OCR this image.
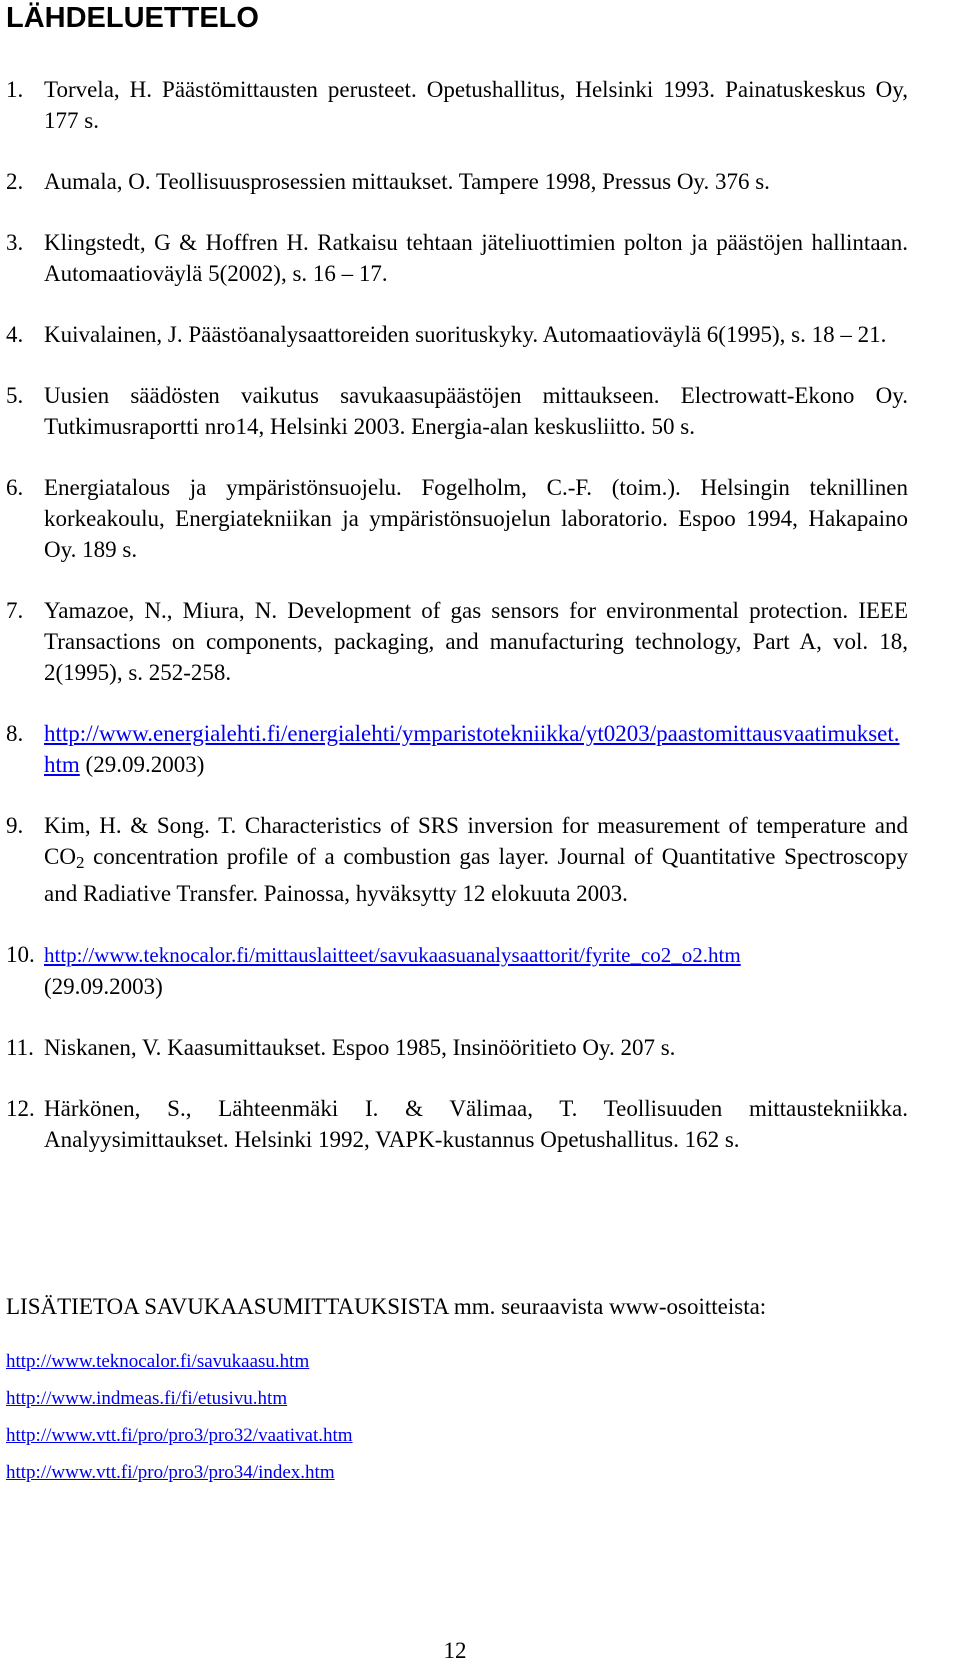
LÄHDELUETTELO
1. Torvela, H. Päästömittausten perusteet. Opetushallitus, Helsinki 1993. Painatuskeskus Oy, 177 s.
2. Aumala, O. Teollisuusprosessien mittaukset. Tampere 1998, Pressus Oy. 376 s.
3. Klingstedt, G & Hoffren H. Ratkaisu tehtaan jäteliuottimien polton ja päästöjen hallintaan. Automaatioväylä 5(2002), s. 16 – 17.
4. Kuivalainen, J. Päästöanalysaattoreiden suorituskyky. Automaatioväylä 6(1995), s. 18 – 21.
5. Uusien säädösten vaikutus savukaasupäästöjen mittaukseen. Electrowatt-Ekono Oy. Tutkimusraportti nro14, Helsinki 2003. Energia-alan keskusliitto. 50 s.
6. Energiatalous ja ympäristönsuojelu. Fogelholm, C.-F. (toim.). Helsingin teknillinen korkeakoulu, Energiatekniikan ja ympäristönsuojelun laboratorio. Espoo 1994, Hakapaino Oy. 189 s.
7. Yamazoe, N., Miura, N. Development of gas sensors for environmental protection. IEEE Transactions on components, packaging, and manufacturing technology, Part A, vol. 18, 2(1995), s. 252-258.
8. http://www.energialehti.fi/energialehti/ymparistotekniikka/yt0203/paastomittausvaatimukset.htm (29.09.2003)
9. Kim, H. & Song. T. Characteristics of SRS inversion for measurement of temperature and $CO_2$ concentration profile of a combustion gas layer. Journal of Quantitative Spectroscopy and Radiative Transfer. Painossa, hyväksytty 12 elokuuta 2003.
10. http://www.teknocalor.fi/mittauslaitteet/savukaasuanalysaattorit/fyrite_co2_o2.htm
(29.09.2003)
11. Niskanen, V. Kaasumittaukset. Espoo 1985, Insinööritieto Oy. 207 s.
12. Härkönen, S., Lähteenmäki I. & Välimaa, T. Teollisuuden mittaustekniikka. Analyysimittaukset. Helsinki 1992, VAPK-kustannus Opetushallitus. 162 s.

LISÄTIETOA SAVUKAASUMITTAUKSISTA mm. seuraavista www-osoitteista:

http://www.teknocalor.fi/savukaasu.htm
http://www.indmeas.fi/fi/etusivu.htm
http://www.vtt.fi/pro/pro3/pro32/vaativat.htm
http://www.vtt.fi/pro/pro3/pro34/index.htm
12
